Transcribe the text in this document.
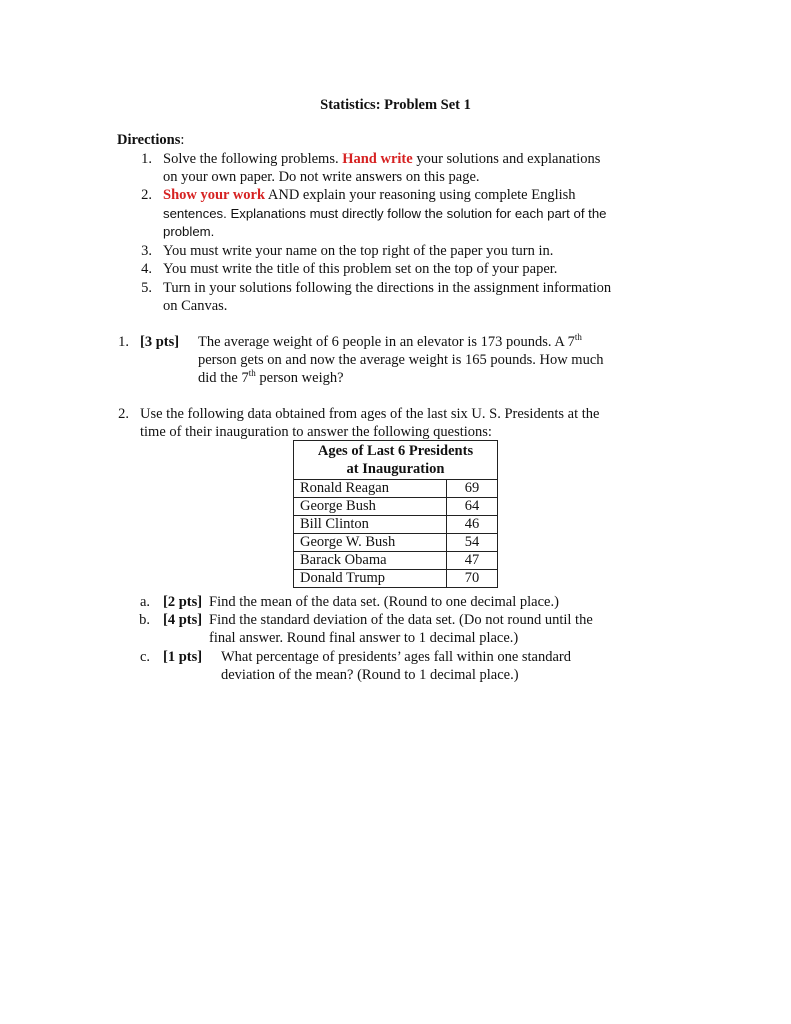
Statistics: Problem Set 1
Directions:
1. Solve the following problems. Hand write your solutions and explanations
on your own paper. Do not write answers on this page.
2. Show your work AND explain your reasoning using complete English
sentences. Explanations must directly follow the solution for each part of the
problem.
3. You must write your name on the top right of the paper you turn in.
4. You must write the title of this problem set on the top of your paper.
5. Turn in your solutions following the directions in the assignment information
on Canvas.
1. [3 pts] The average weight of 6 people in an elevator is 173 pounds. A 7th
person gets on and now the average weight is 165 pounds. How much
did the 7th person weigh?
2. Use the following data obtained from ages of the last six U. S. Presidents at the
time of their inauguration to answer the following questions:
Ages of Last 6 Presidents
at Inauguration	

Ronald Reagan	69
George Bush	64
Bill Clinton	46
George W. Bush	54
Barack Obama	47
Donald Trump	70
a. [2 pts] Find the mean of the data set. (Round to one decimal place.)
b. [4 pts] Find the standard deviation of the data set. (Do not round until the
final answer. Round final answer to 1 decimal place.)
c. [1 pts] What percentage of presidents’ ages fall within one standard
deviation of the mean? (Round to 1 decimal place.)
